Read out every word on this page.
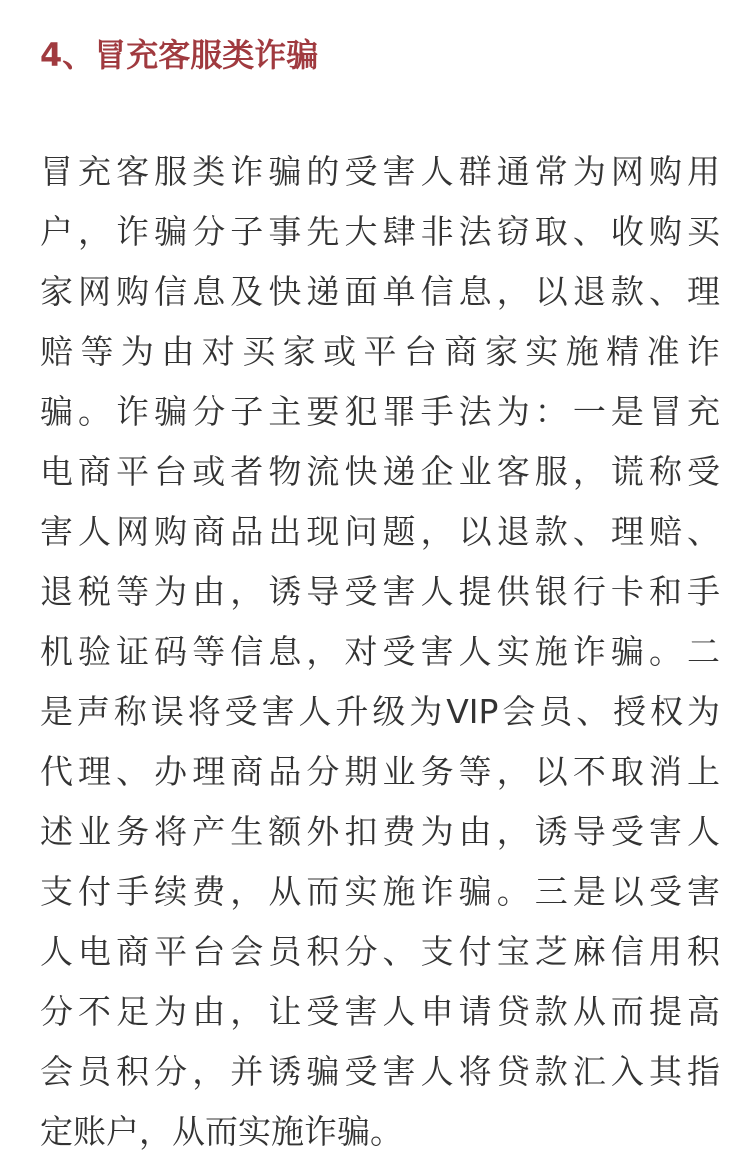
4、冒充客服类诈骗
冒充客服类诈骗的受害人群通常为网购用
户，诈骗分子事先大肆非法窃取、收购买
家网购信息及快递面单信息，以退款、理
赔等为由对买家或平台商家实施精准诈
骗。诈骗分子主要犯罪手法为：一是冒充
电商平台或者物流快递企业客服，谎称受
害人网购商品出现问题，以退款、理赔、
退税等为由，诱导受害人提供银行卡和手
机验证码等信息，对受害人实施诈骗。二
是声称误将受害人升级为VIP会员、授权为
代理、办理商品分期业务等，以不取消上
述业务将产生额外扣费为由，诱导受害人
支付手续费，从而实施诈骗。三是以受害
人电商平台会员积分、支付宝芝麻信用积
分不足为由，让受害人申请贷款从而提高
会员积分，并诱骗受害人将贷款汇入其指
定账户，从而实施诈骗。
